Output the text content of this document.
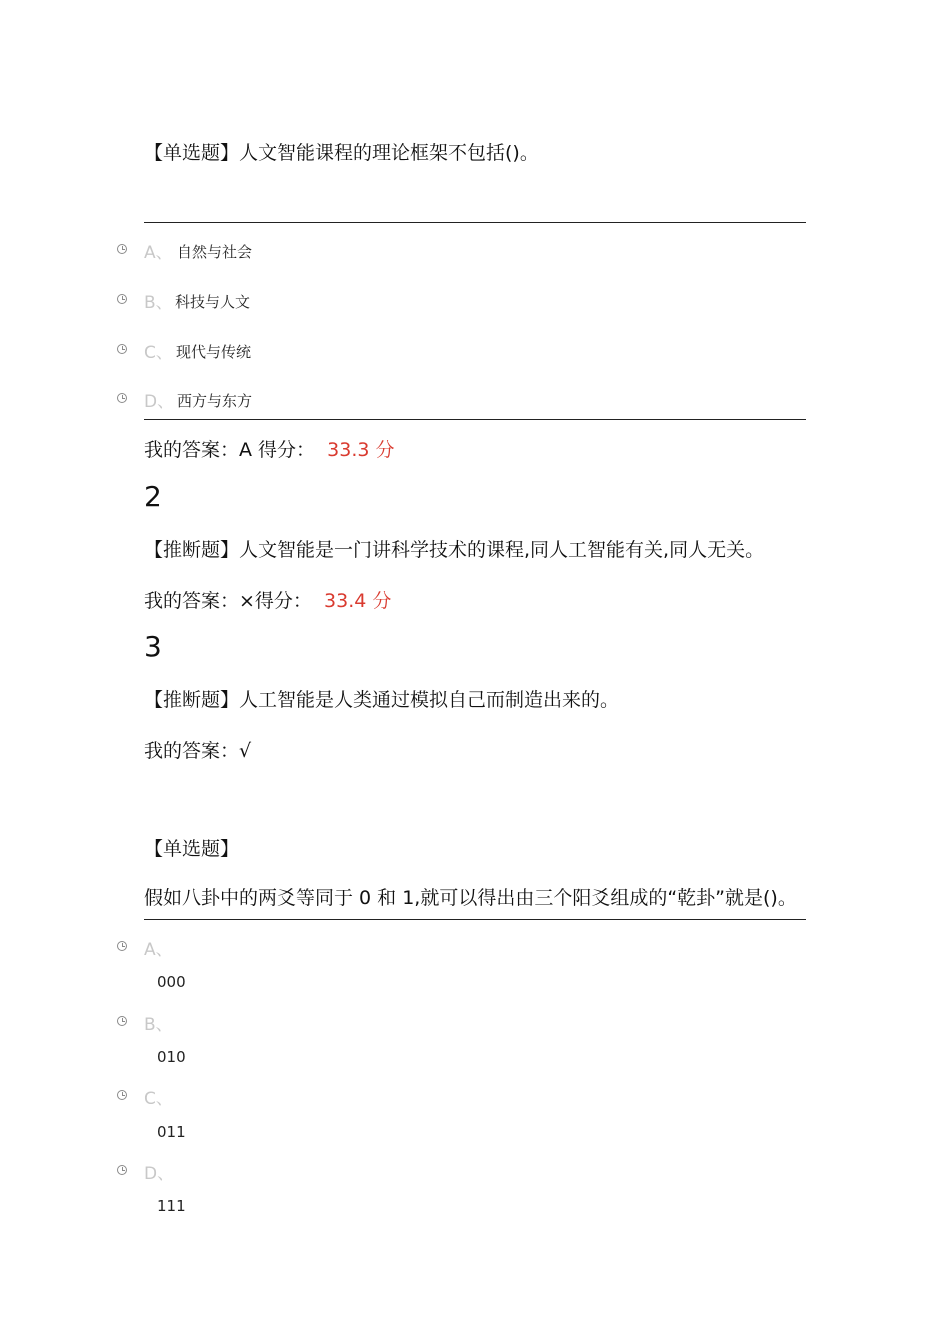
【单选题】人文智能课程的理论框架不包括()。
A、 自然与社会
B、 科技与人文
C、 现代与传统
D、 西方与东方
我的答案：A 得分： 33.3 分
2
【推断题】人文智能是一门讲科学技术的课程,同人工智能有关,同人无关。
我的答案：×得分： 33.4 分
3
【推断题】人工智能是人类通过模拟自己而制造出来的。
我的答案：√
【单选题】
假如八卦中的两爻等同于 0 和 1,就可以得出由三个阳爻组成的“乾卦”就是()。
A、
000
B、
010
C、
011
D、
111
